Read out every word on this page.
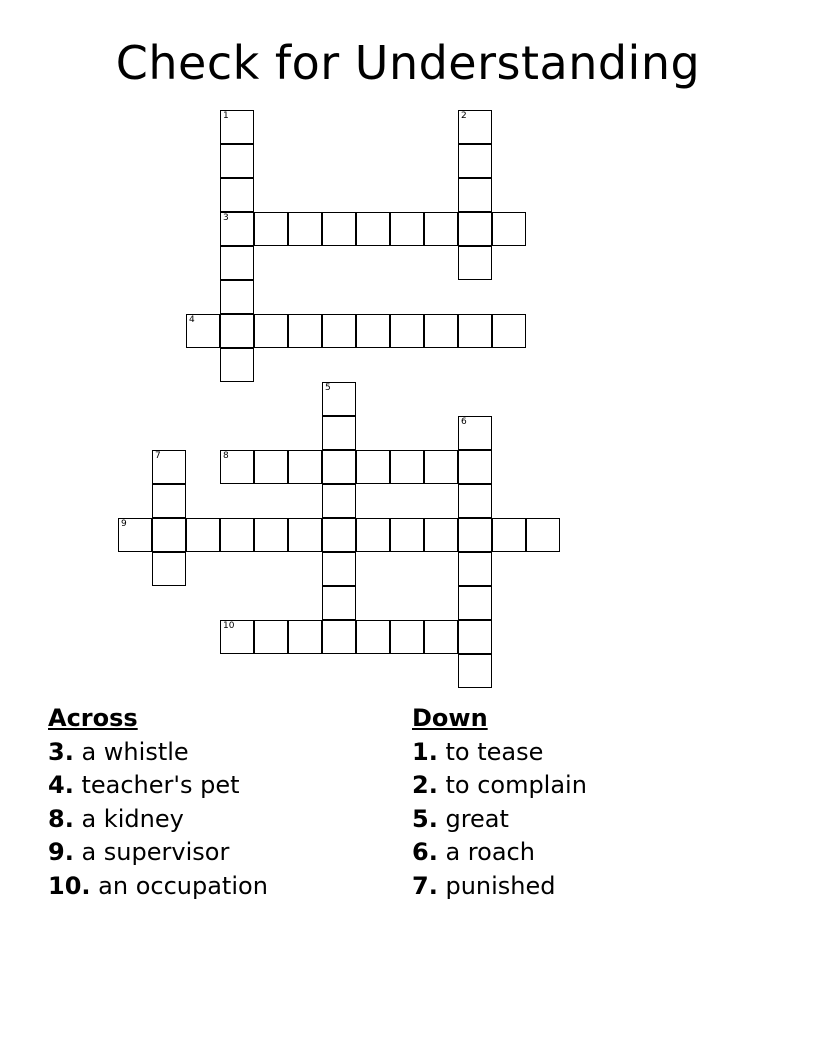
Check for Understanding
1
3
2
4
5
6
7	8
9
10
Across
3. a whistle
4. teacher's pet
8. a kidney
9. a supervisor
10. an occupation
Down
1. to tease
2. to complain
5. great
6. a roach
7. punished
